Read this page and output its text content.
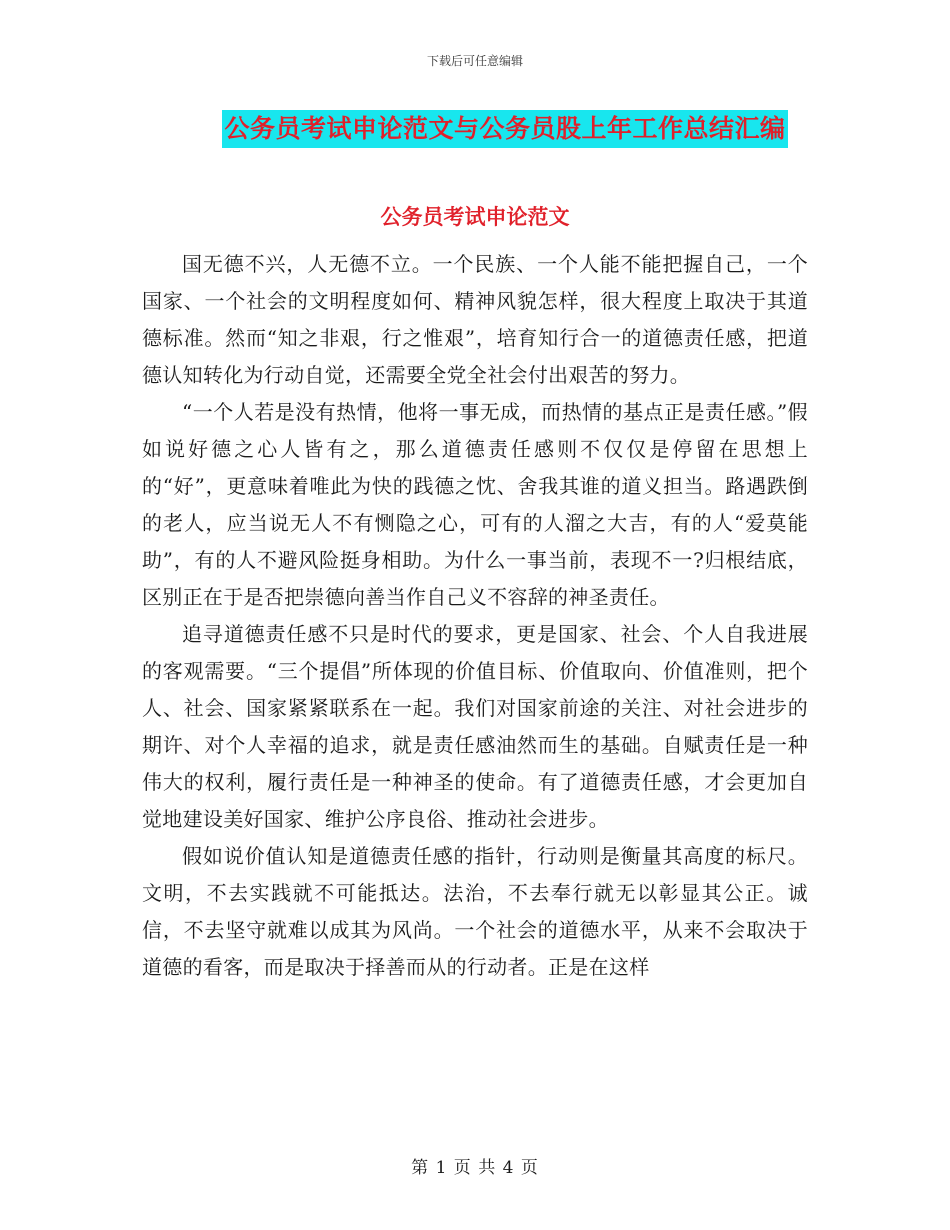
下载后可任意编辑
公务员考试申论范文与公务员股上年工作总结汇编
公务员考试申论范文

国无德不兴，人无德不立。一个民族、一个人能不能把握自己，一个国家、一个社会的文明程度如何、精神风貌怎样，很大程度上取决于其道德标准。然而“知之非艰，行之惟艰”，培育知行合一的道德责任感，把道德认知转化为行动自觉，还需要全党全社会付出艰苦的努力。

“一个人若是没有热情，他将一事无成，而热情的基点正是责任感。”假如说好德之心人皆有之，那么道德责任感则不仅仅是停留在思想上的“好”，更意味着唯此为快的践德之忱、舍我其谁的道义担当。路遇跌倒的老人，应当说无人不有恻隐之心，可有的人溜之大吉，有的人“爱莫能助”，有的人不避风险挺身相助。为什么一事当前，表现不一?归根结底，区别正在于是否把崇德向善当作自己义不容辞的神圣责任。

追寻道德责任感不只是时代的要求，更是国家、社会、个人自我进展的客观需要。“三个提倡”所体现的价值目标、价值取向、价值准则，把个人、社会、国家紧紧联系在一起。我们对国家前途的关注、对社会进步的期许、对个人幸福的追求，就是责任感油然而生的基础。自赋责任是一种伟大的权利，履行责任是一种神圣的使命。有了道德责任感，才会更加自觉地建设美好国家、维护公序良俗、推动社会进步。

假如说价值认知是道德责任感的指针，行动则是衡量其高度的标尺。文明，不去实践就不可能抵达。法治，不去奉行就无以彰显其公正。诚信，不去坚守就难以成其为风尚。一个社会的道德水平，从来不会取决于道德的看客，而是取决于择善而从的行动者。正是在这样

第 1 页 共 4 页
